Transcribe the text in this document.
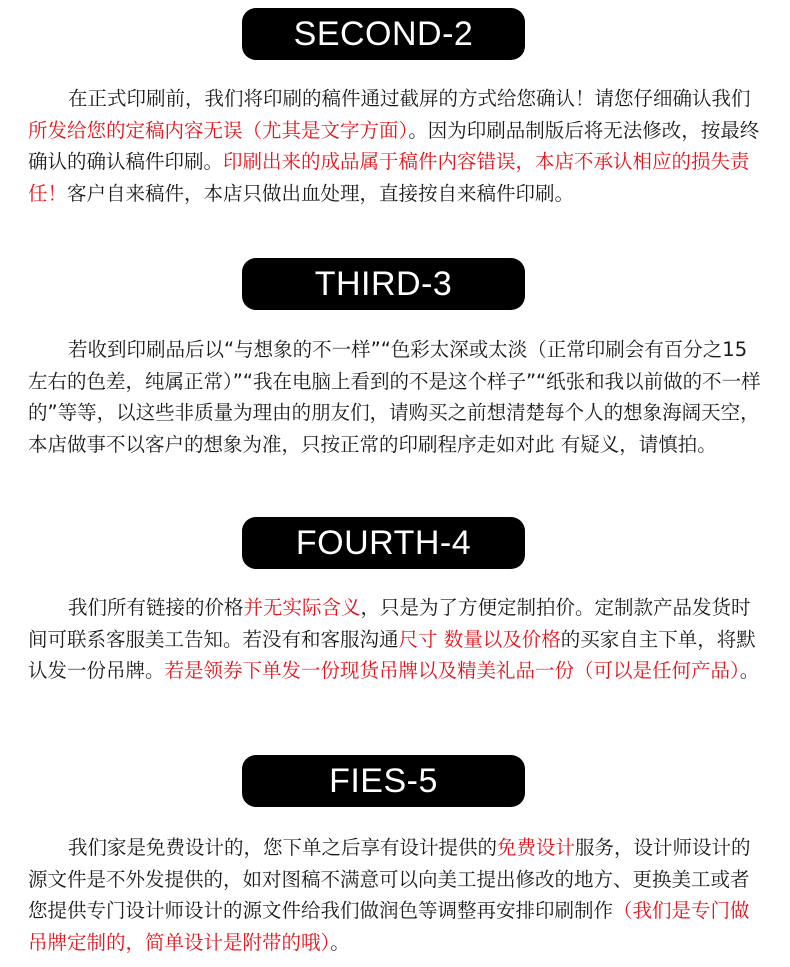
SECOND-2

在正式印刷前，我们将印刷的稿件通过截屏的方式给您确认！请您仔细确认我们所发给您的定稿内容无误（尤其是文字方面）。因为印刷品制版后将无法修改，按最终确认的确认稿件印刷。印刷出来的成品属于稿件内容错误，本店不承认相应的损失责任！客户自来稿件，本店只做出血处理，直接按自来稿件印刷。

THIRD-3

若收到印刷品后以“与想象的不一样”“色彩太深或太淡（正常印刷会有百分之15左右的色差，纯属正常）”“我在电脑上看到的不是这个样子”“纸张和我以前做的不一样的”等等，以这些非质量为理由的朋友们，请购买之前想清楚每个人的想象海阔天空，本店做事不以客户的想象为准，只按正常的印刷程序走如对此 有疑义，请慎拍。

FOURTH-4

我们所有链接的价格并无实际含义，只是为了方便定制拍价。定制款产品发货时间可联系客服美工告知。若没有和客服沟通尺寸 数量以及价格的买家自主下单，将默认发一份吊牌。若是领券下单发一份现货吊牌以及精美礼品一份（可以是任何产品）。

FIES-5

我们家是免费设计的，您下单之后享有设计提供的免费设计服务，设计师设计的源文件是不外发提供的，如对图稿不满意可以向美工提出修改的地方、更换美工或者您提供专门设计师设计的源文件给我们做润色等调整再安排印刷制作（我们是专门做吊牌定制的，简单设计是附带的哦）。
